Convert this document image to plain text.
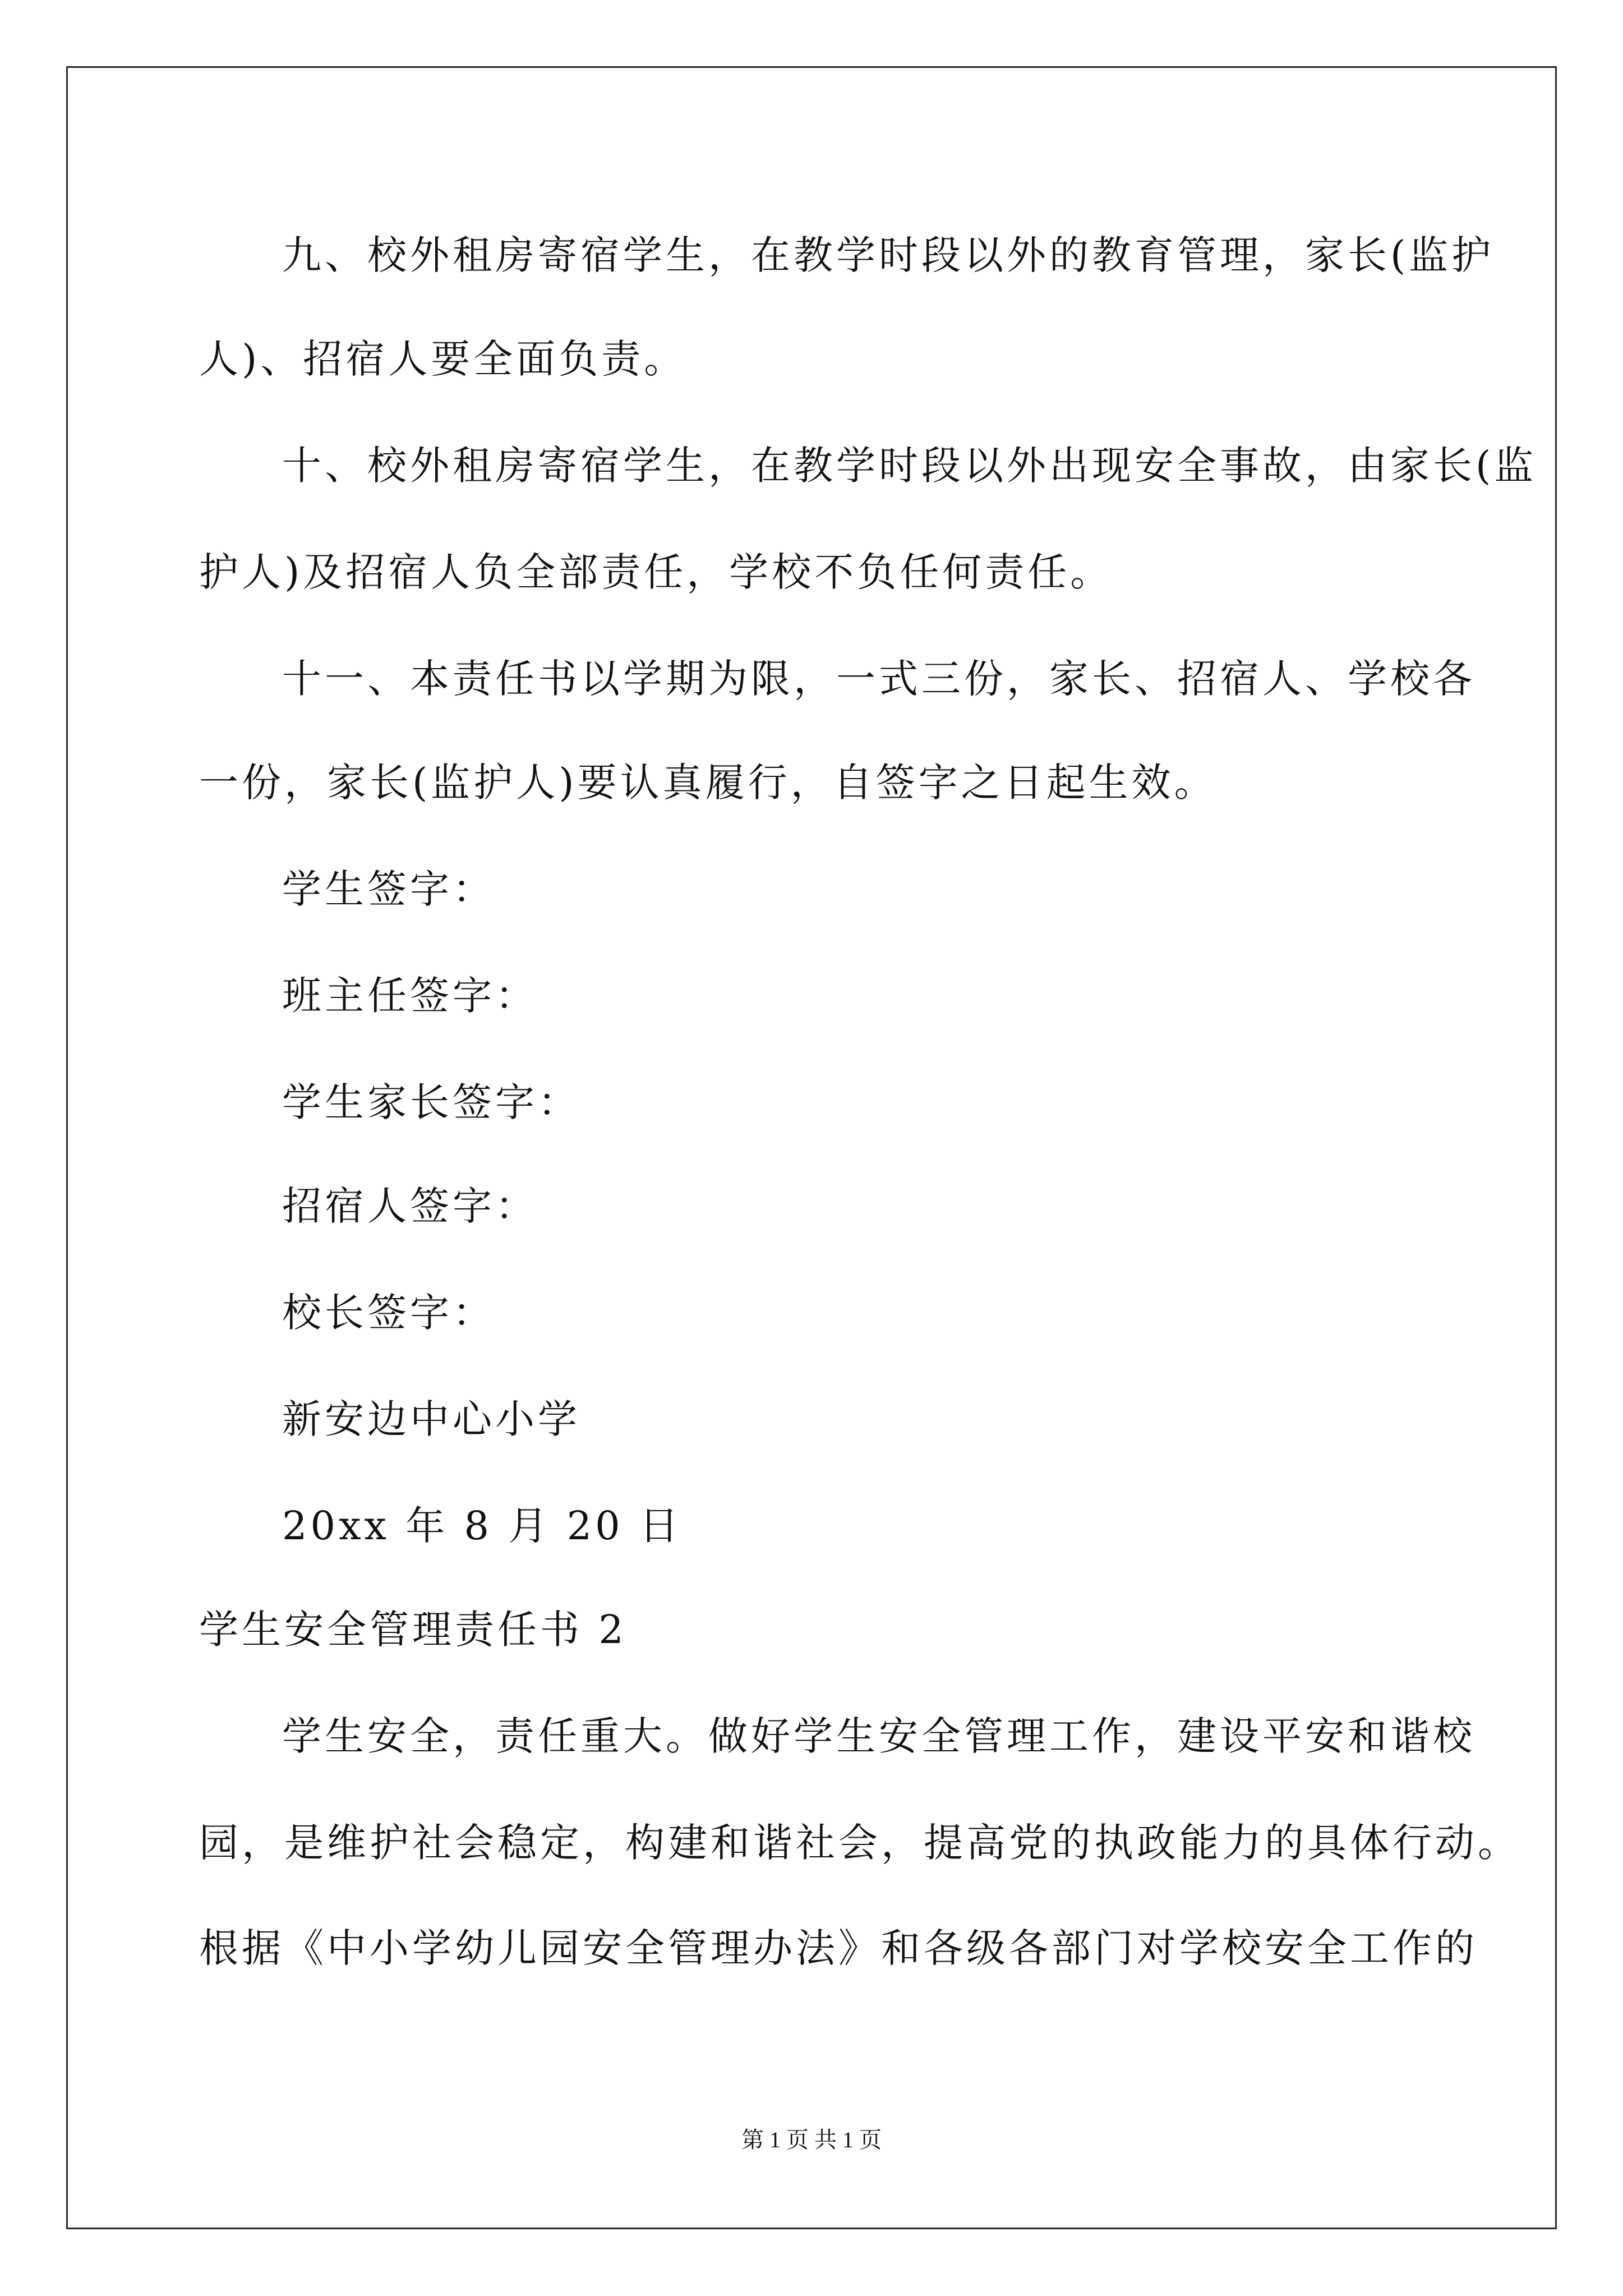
九、校外租房寄宿学生，在教学时段以外的教育管理，家长(监护
人)、招宿人要全面负责。
十、校外租房寄宿学生，在教学时段以外出现安全事故，由家长(监
护人)及招宿人负全部责任，学校不负任何责任。
十一、本责任书以学期为限，一式三份，家长、招宿人、学校各
一份，家长(监护人)要认真履行，自签字之日起生效。
学生签字：
班主任签字：
学生家长签字：
招宿人签字：
校长签字：
新安边中心小学
20xx 年 8 月 20 日
学生安全管理责任书 2
学生安全，责任重大。做好学生安全管理工作，建设平安和谐校
园，是维护社会稳定，构建和谐社会，提高党的执政能力的具体行动。
根据《中小学幼儿园安全管理办法》和各级各部门对学校安全工作的
第 1 页 共 1 页
